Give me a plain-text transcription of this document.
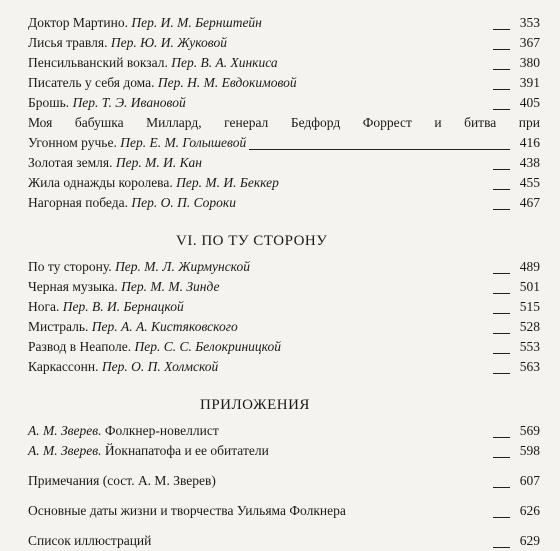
Доктор Мартино. Пер. И. М. Бернштейн	353
Лисья травля. Пер. Ю. И. Жуковой	367
Пенсильванский вокзал. Пер. В. А. Хинкиса	380
Писатель у себя дома. Пер. Н. М. Евдокимовой	391
Брошь. Пер. Т. Э. Ивановой	405
Моя бабушка Миллард, генерал Бедфорд Форрест и битва при
Угонном ручье. Пер. Е. М. Голышевой	416
Золотая земля. Пер. М. И. Кан	438
Жила однажды королева. Пер. М. И. Беккер	455
Нагорная победа. Пер. О. П. Сороки	467
VI. ПО ТУ СТОРОНУ
По ту сторону. Пер. М. Л. Жирмунской	489
Черная музыка. Пер. М. М. Зинде	501
Нога. Пер. В. И. Бернацкой	515
Мистраль. Пер. А. А. Кистяковского	528
Развод в Неаполе. Пер. С. С. Белокриницкой	553
Каркассонн. Пер. О. П. Холмской	563
ПРИЛОЖЕНИЯ
А. М. Зверев. Фолкнер-новеллист	569
А. М. Зверев. Йокнапатофа и ее обитатели	598
Примечания (сост. А. М. Зверев)	607
Основные даты жизни и творчества Уильяма Фолкнера	626
Список иллюстраций	629
